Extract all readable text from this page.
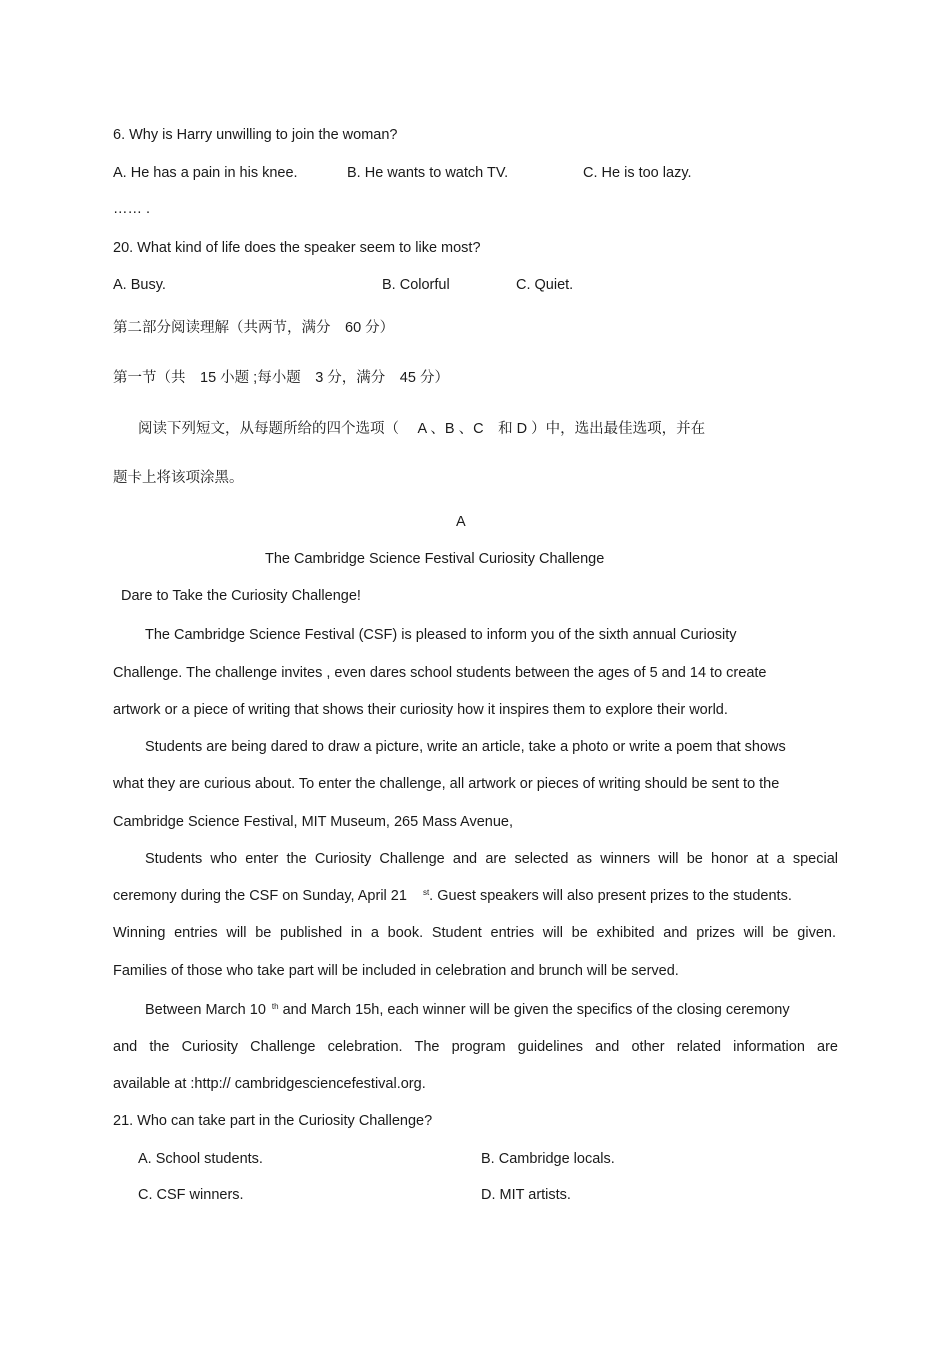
6. Why is Harry unwilling to join the woman?
A. He has a pain in his knee.	B. He wants to watch TV.	C. He is too lazy.
…… .
20. What kind of life does the speaker seem to like most?
A. Busy.	B. Colorful	C. Quiet.
第二部分阅读理解（共两节，满分　60 分）
第一节（共　15 小题 ;每小题　3 分，满分　45 分）
阅读下列短文，从每题所给的四个选项（　 A 、B 、C　和 D ）中，选出最佳选项，并在
题卡上将该项涂黑。
A
The Cambridge Science Festival Curiosity Challenge
Dare to Take the Curiosity Challenge!
The Cambridge Science Festival (CSF) is pleased to inform you of the sixth annual Curiosity
Challenge. The challenge invites , even dares school students between the ages of 5 and 14 to create
artwork or a piece of writing that shows their curiosity how it inspires them to explore their world.
Students are being dared to draw a picture, write an article, take a photo or write a poem that shows
what they are curious about. To enter the challenge, all artwork or pieces of writing should be sent to the
Cambridge Science Festival, MIT Museum, 265 Mass Avenue,
Students who enter the Curiosity Challenge and are selected as winners will be honor at a special
ceremony during the CSF on Sunday, April 21 $^{st}$. Guest speakers will also present prizes to the students.
Winning entries will be published in a book. Student entries will be exhibited and prizes will be given.
Families of those who take part will be included in celebration and brunch will be served.
Between March 10 $^{th}$ and March 15h, each winner will be given the specifics of the closing ceremony
and the Curiosity Challenge celebration. The program guidelines and other related information are
available at :http:// cambridgesciencefestival.org.
21. Who can take part in the Curiosity Challenge?
A. School students.	B. Cambridge locals.
C. CSF winners.	D. MIT artists.
